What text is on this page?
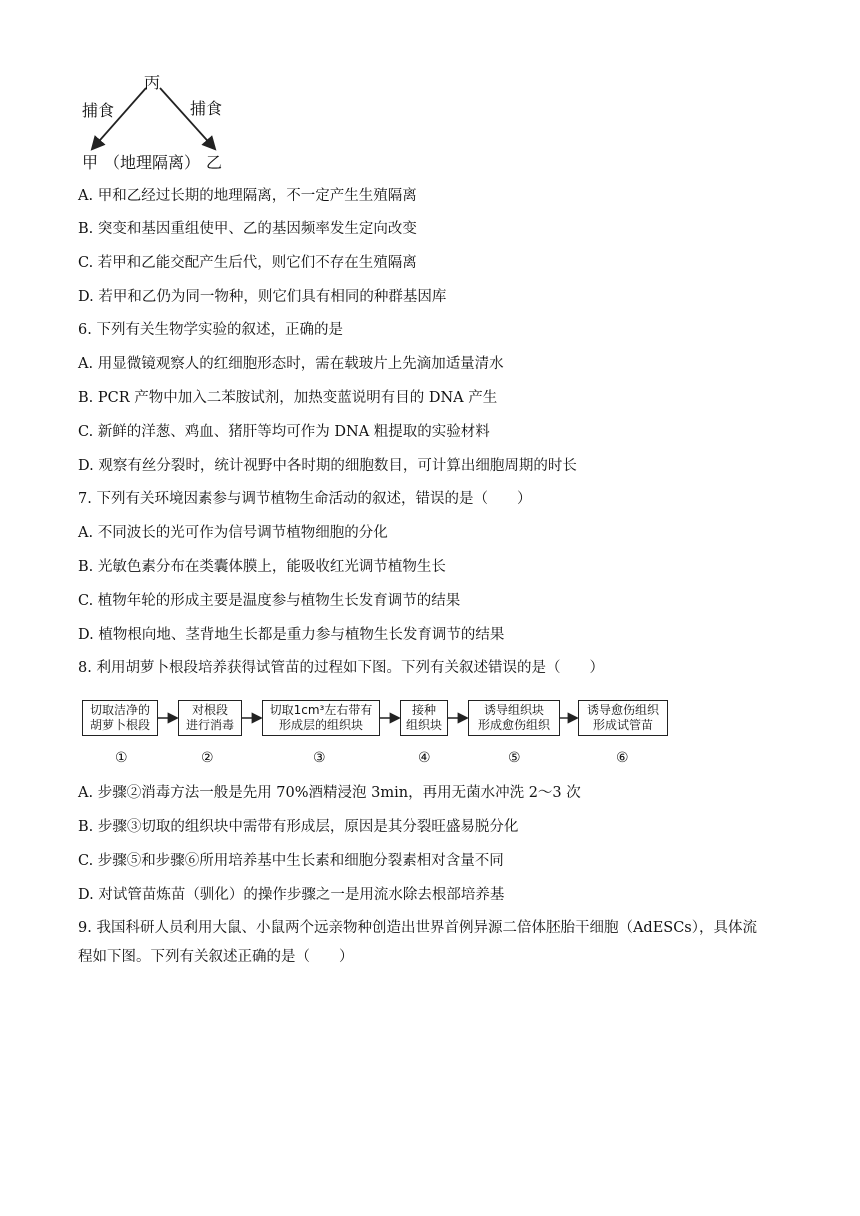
丙
捕食	捕食
甲 （地理隔离） 乙
A. 甲和乙经过长期的地理隔离，不一定产生生殖隔离
B. 突变和基因重组使甲、乙的基因频率发生定向改变
C. 若甲和乙能交配产生后代，则它们不存在生殖隔离
D. 若甲和乙仍为同一物种，则它们具有相同的种群基因库
6. 下列有关生物学实验的叙述，正确的是
A. 用显微镜观察人的红细胞形态时，需在载玻片上先滴加适量清水
B. PCR 产物中加入二苯胺试剂，加热变蓝说明有目的 DNA 产生
C. 新鲜的洋葱、鸡血、猪肝等均可作为 DNA 粗提取的实验材料
D. 观察有丝分裂时，统计视野中各时期的细胞数目，可计算出细胞周期的时长
7. 下列有关环境因素参与调节植物生命活动的叙述，错误的是（　　）
A. 不同波长的光可作为信号调节植物细胞的分化
B. 光敏色素分布在类囊体膜上，能吸收红光调节植物生长
C. 植物年轮的形成主要是温度参与植物生长发育调节的结果
D. 植物根向地、茎背地生长都是重力参与植物生长发育调节的结果
8. 利用胡萝卜根段培养获得试管苗的过程如下图。下列有关叙述错误的是（　　）
切取洁净的
胡萝卜根段
对根段
进行消毒
切取1cm³左右带有
形成层的组织块
接种
组织块
诱导组织块
形成愈伤组织
诱导愈伤组织
形成试管苗
①	②	③	④	⑤	⑥
A. 步骤②消毒方法一般是先用 70%酒精浸泡 3min，再用无菌水冲洗 2～3 次
B. 步骤③切取的组织块中需带有形成层，原因是其分裂旺盛易脱分化
C. 步骤⑤和步骤⑥所用培养基中生长素和细胞分裂素相对含量不同
D. 对试管苗炼苗（驯化）的操作步骤之一是用流水除去根部培养基
9. 我国科研人员利用大鼠、小鼠两个远亲物种创造出世界首例异源二倍体胚胎干细胞（AdESCs），具体流
程如下图。下列有关叙述正确的是（　　）
